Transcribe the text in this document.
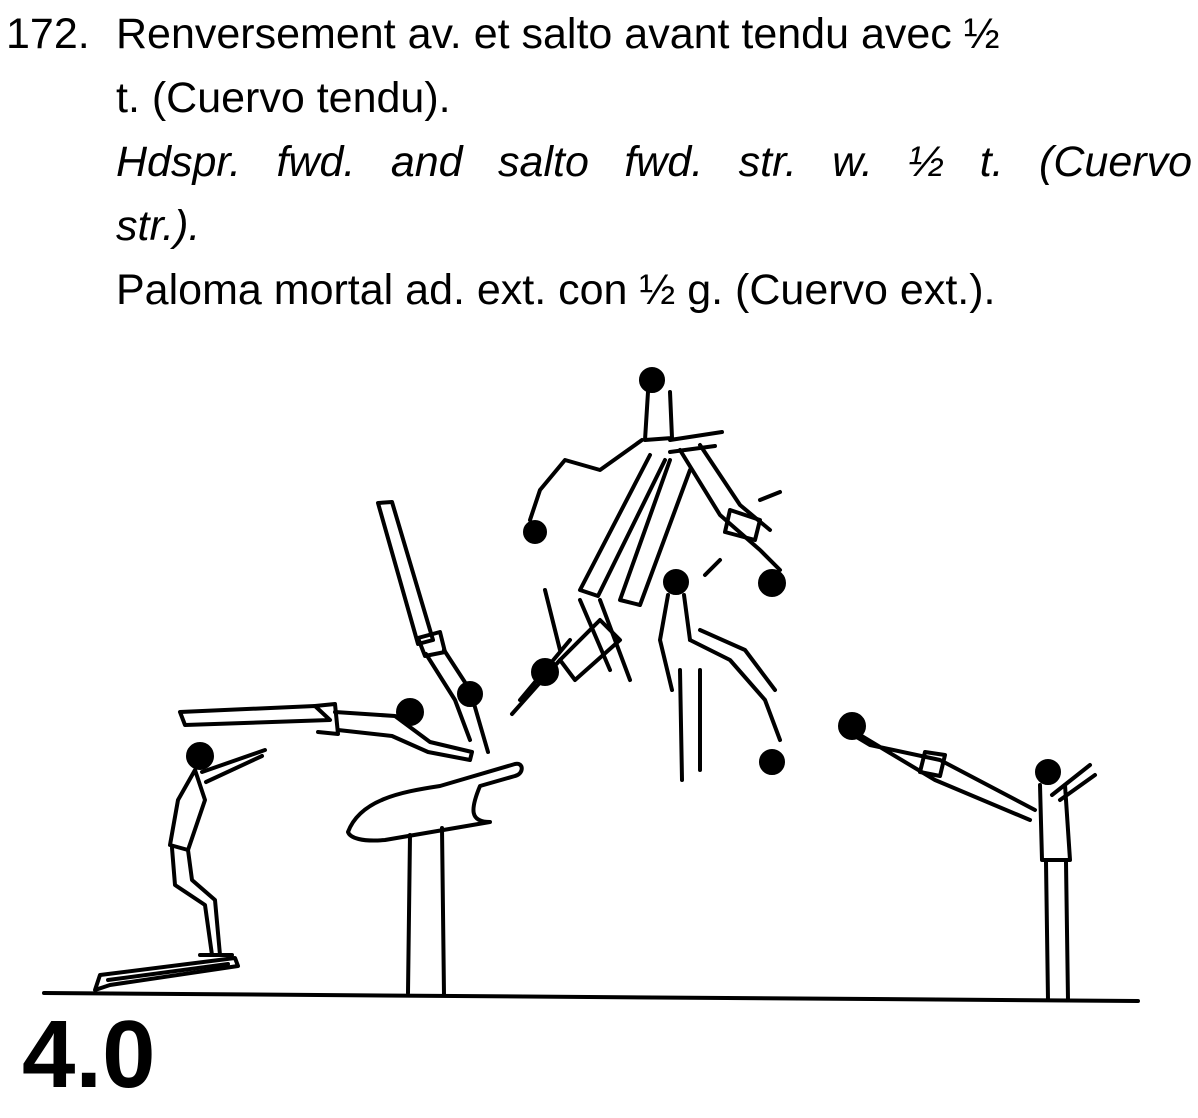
172. Renversement av. et salto avant tendu avec ½
t. (Cuervo tendu).
Hdspr. fwd. and salto fwd. str. w. ½ t. (Cuervo
str.).
Paloma mortal ad. ext. con ½ g. (Cuervo ext.).
4.0
